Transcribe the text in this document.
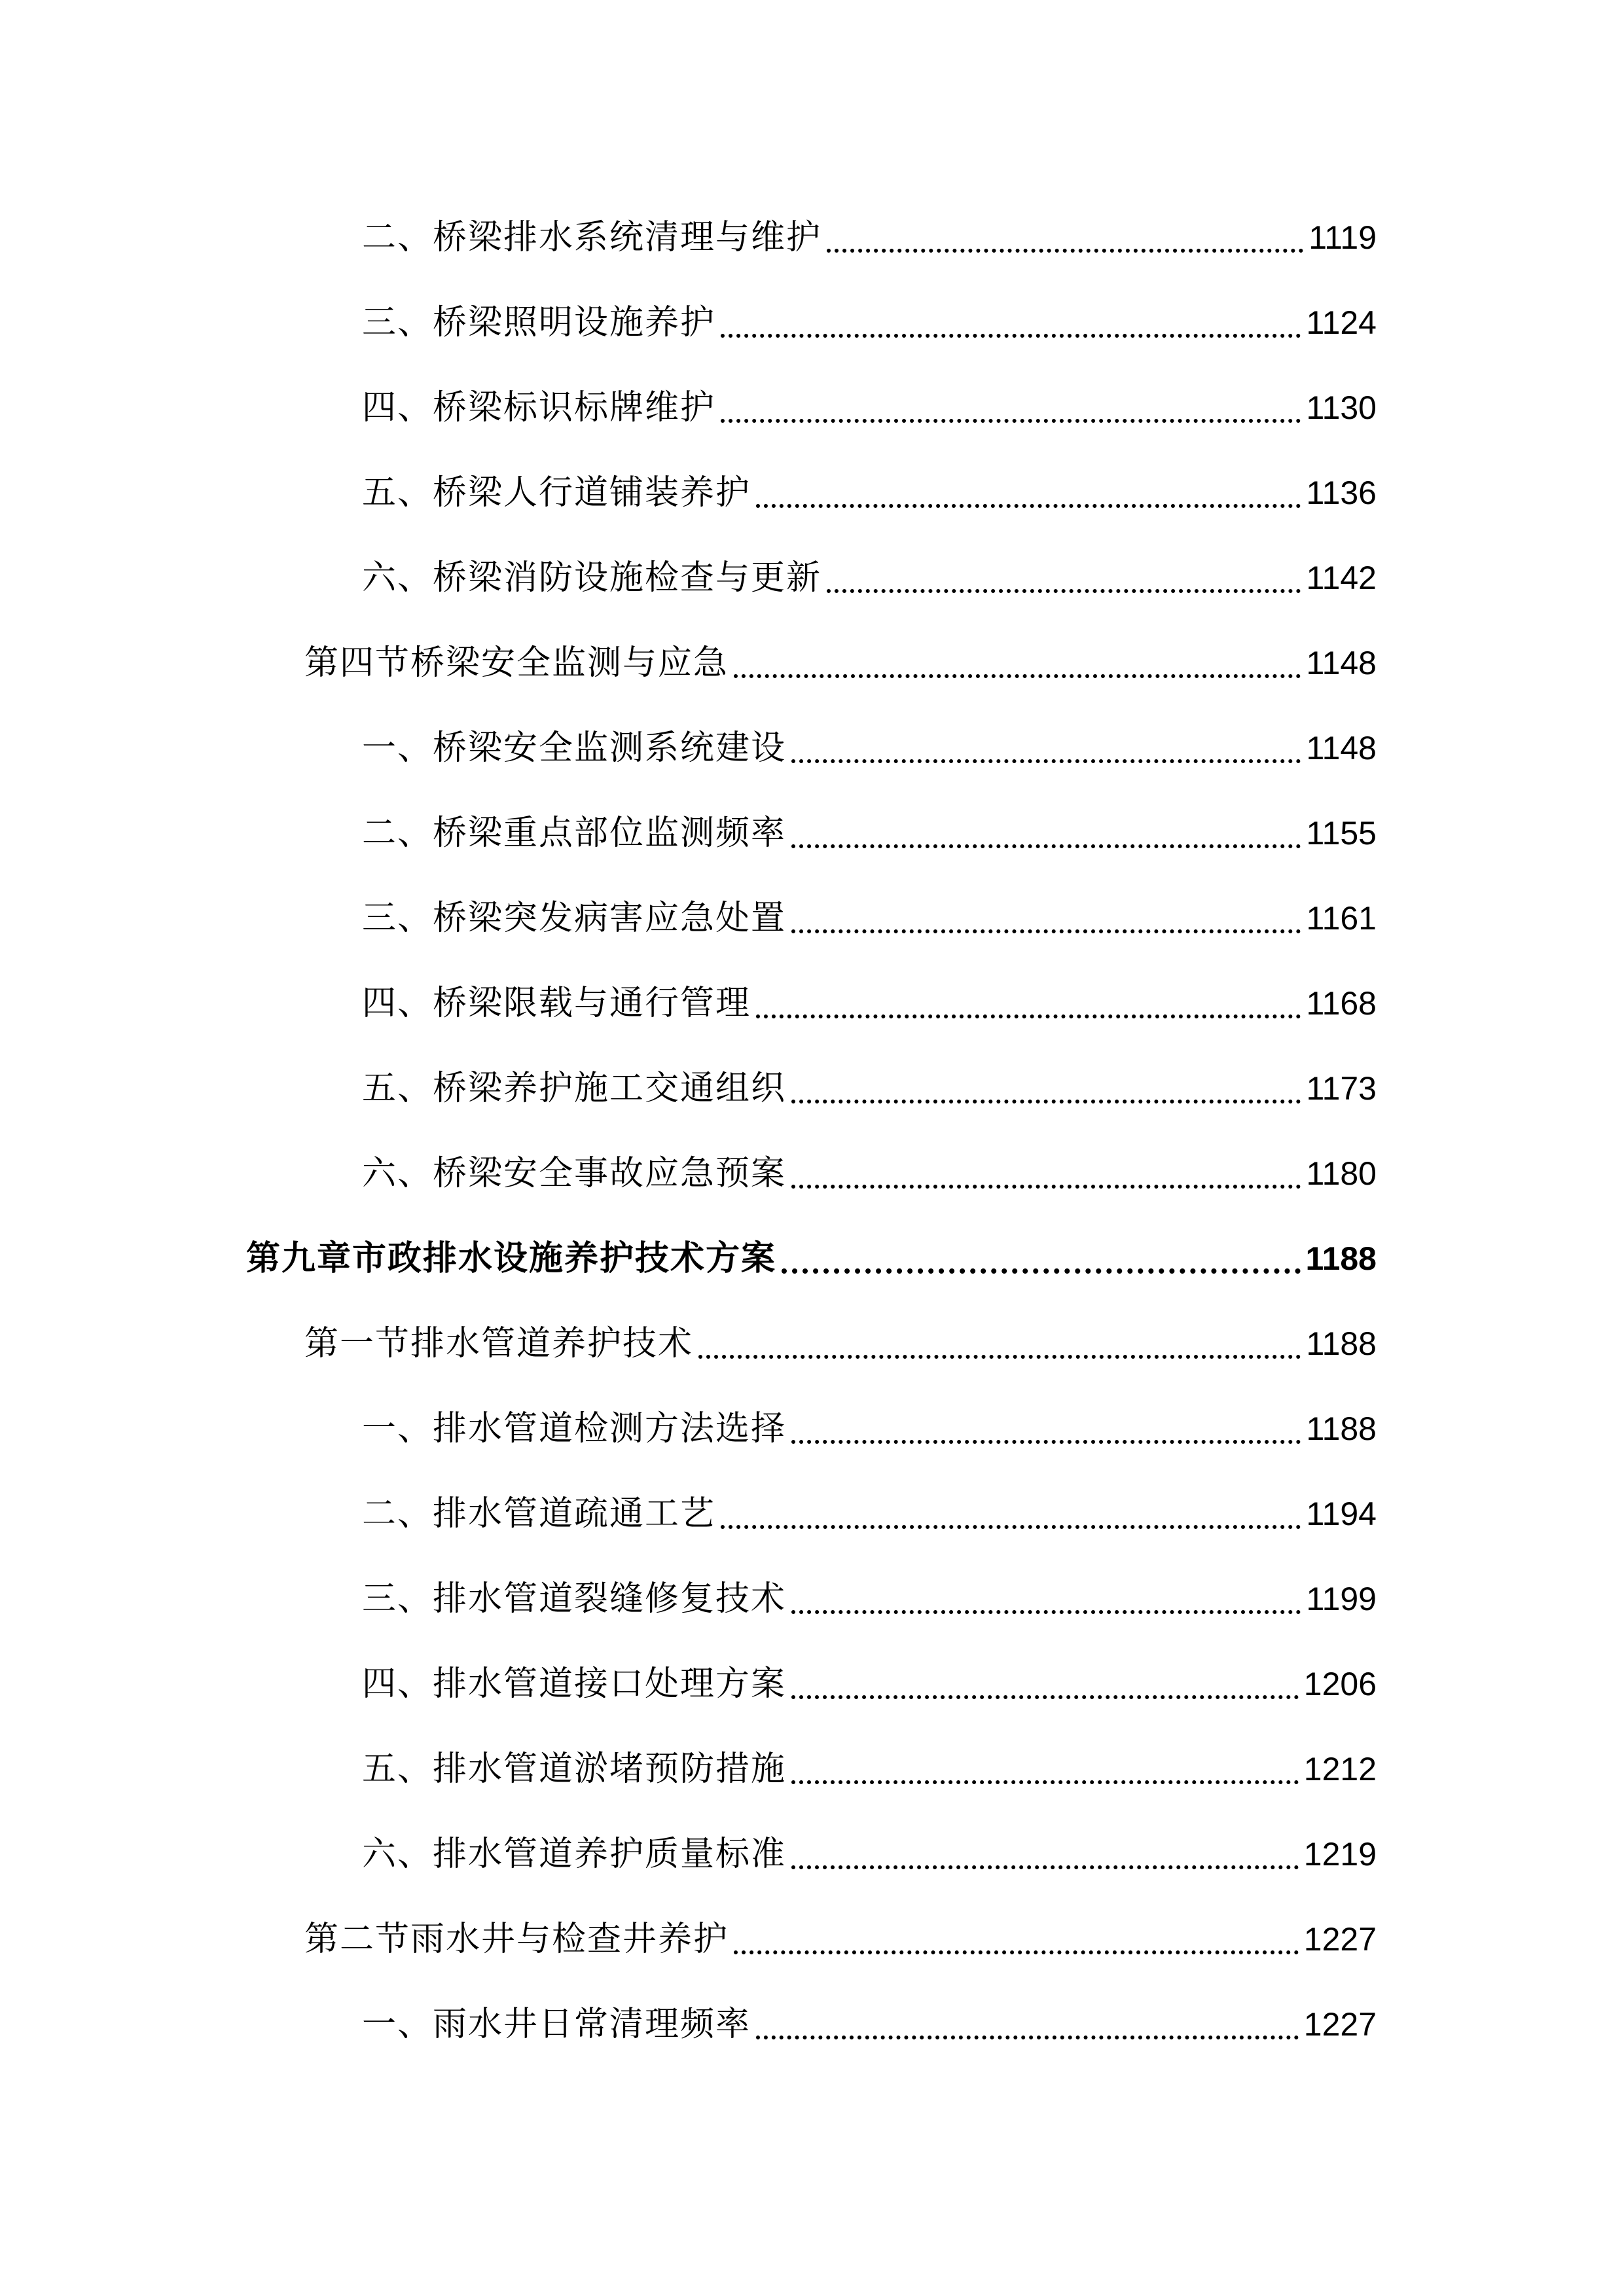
二、桥梁排水系统清理与维护	1119
三、桥梁照明设施养护	1124
四、桥梁标识标牌维护	1130
五、桥梁人行道铺装养护	1136
六、桥梁消防设施检查与更新	1142
第四节桥梁安全监测与应急	1148
一、桥梁安全监测系统建设	1148
二、桥梁重点部位监测频率	1155
三、桥梁突发病害应急处置	1161
四、桥梁限载与通行管理	1168
五、桥梁养护施工交通组织	1173
六、桥梁安全事故应急预案	1180
第九章市政排水设施养护技术方案	1188
第一节排水管道养护技术	1188
一、排水管道检测方法选择	1188
二、排水管道疏通工艺	1194
三、排水管道裂缝修复技术	1199
四、排水管道接口处理方案	1206
五、排水管道淤堵预防措施	1212
六、排水管道养护质量标准	1219
第二节雨水井与检查井养护	1227
一、雨水井日常清理频率	1227
